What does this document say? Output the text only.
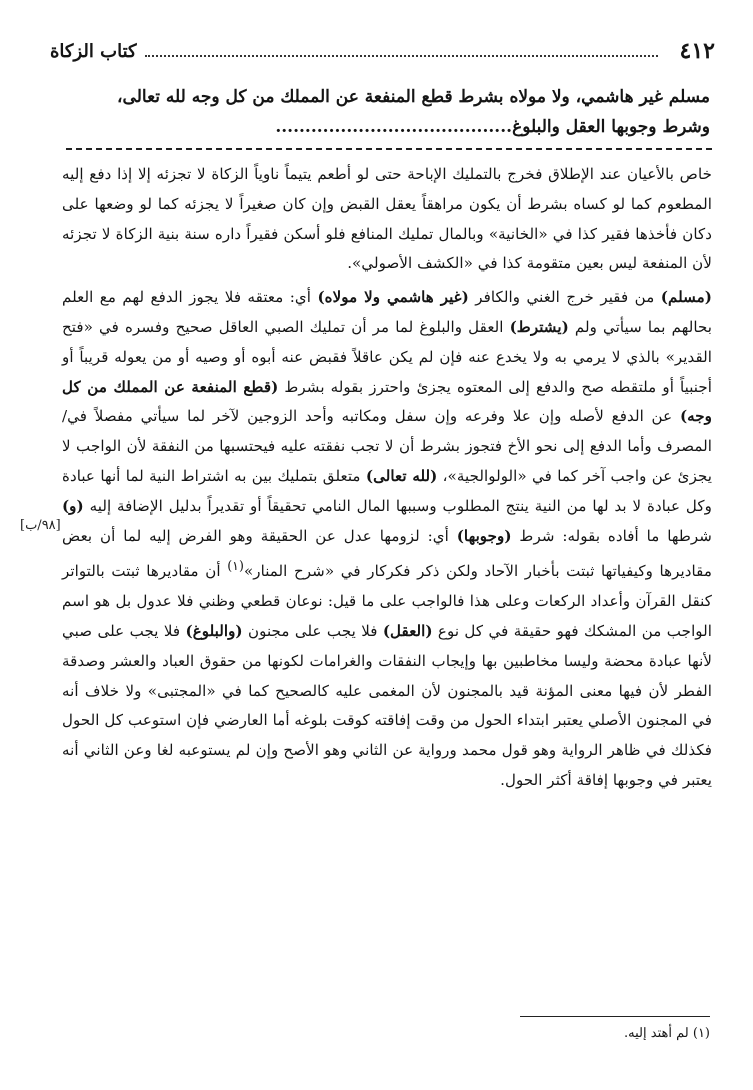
٤١٢
كتاب الزكاة
مسلم غير هاشمي، ولا مولاه بشرط قطع المنفعة عن المملك من كل وجه لله تعالى،
وشرط وجوبها العقل والبلوغ........................................
[٩٨/ب]

خاص بالأعيان عند الإطلاق فخرج بالتمليك الإباحة حتى لو أطعم يتيماً ناوياً الزكاة لا تجزئه إلا إذا دفع إليه المطعوم كما لو كساه بشرط أن يكون مراهقاً يعقل القبض وإن كان صغيراً لا يجزئه كما لو وضعها على دكان فأخذها فقير كذا في «الخانية» وبالمال تمليك المنافع فلو أسكن فقيراً داره سنة بنية الزكاة لا تجزئه لأن المنفعة ليس بعين متقومة كذا في «الكشف الأصولي».

(مسلم) من فقير خرج الغني والكافر (غير هاشمي ولا مولاه) أي: معتقه فلا يجوز الدفع لهم مع العلم بحالهم بما سيأتي ولم (يشترط) العقل والبلوغ لما مر أن تمليك الصبي العاقل صحيح وفسره في «فتح القدير» بالذي لا يرمي به ولا يخدع عنه فإن لم يكن عاقلاً فقبض عنه أبوه أو وصيه أو من يعوله قريباً أو أجنبياً أو ملتقطه صح والدفع إلى المعتوه يجزئ واحترز بقوله بشرط (قطع المنفعة عن المملك من كل وجه) عن الدفع لأصله وإن علا وفرعه وإن سفل ومكاتبه وأحد الزوجين لآخر لما سيأتي مفصلاً في/ المصرف وأما الدفع إلى نحو الأخ فتجوز بشرط أن لا تجب نفقته عليه فيحتسبها من النفقة لأن الواجب لا يجزئ عن واجب آخر كما في «الولوالجية»، (لله تعالى) متعلق بتمليك بين به اشتراط النية لما أنها عبادة وكل عبادة لا بد لها من النية ينتج المطلوب وسببها المال النامي تحقيقاً أو تقديراً بدليل الإضافة إليه (و) شرطها ما أفاده بقوله: شرط (وجوبها) أي: لزومها عدل عن الحقيقة وهو الفرض إليه لما أن بعض مقاديرها وكيفياتها ثبتت بأخبار الآحاد ولكن ذكر فكركار في «شرح المنار»$^{(١)}$ أن مقاديرها ثبتت بالتواتر كنقل القرآن وأعداد الركعات وعلى هذا فالواجب على ما قيل: نوعان قطعي وظني فلا عدول بل هو اسم الواجب من المشكك فهو حقيقة في كل نوع (العقل) فلا يجب على مجنون (والبلوغ) فلا يجب على صبي لأنها عبادة محضة وليسا مخاطبين بها وإيجاب النفقات والغرامات لكونها من حقوق العباد والعشر وصدقة الفطر لأن فيها معنى المؤنة قيد بالمجنون لأن المغمى عليه كالصحيح كما في «المجتبى» ولا خلاف أنه في المجنون الأصلي يعتبر ابتداء الحول من وقت إفاقته كوقت بلوغه أما العارضي فإن استوعب كل الحول فكذلك في ظاهر الرواية وهو قول محمد ورواية عن الثاني وهو الأصح وإن لم يستوعبه لغا وعن الثاني أنه يعتبر في وجوبها إفاقة أكثر الحول.

(١) لم أهتد إليه.
